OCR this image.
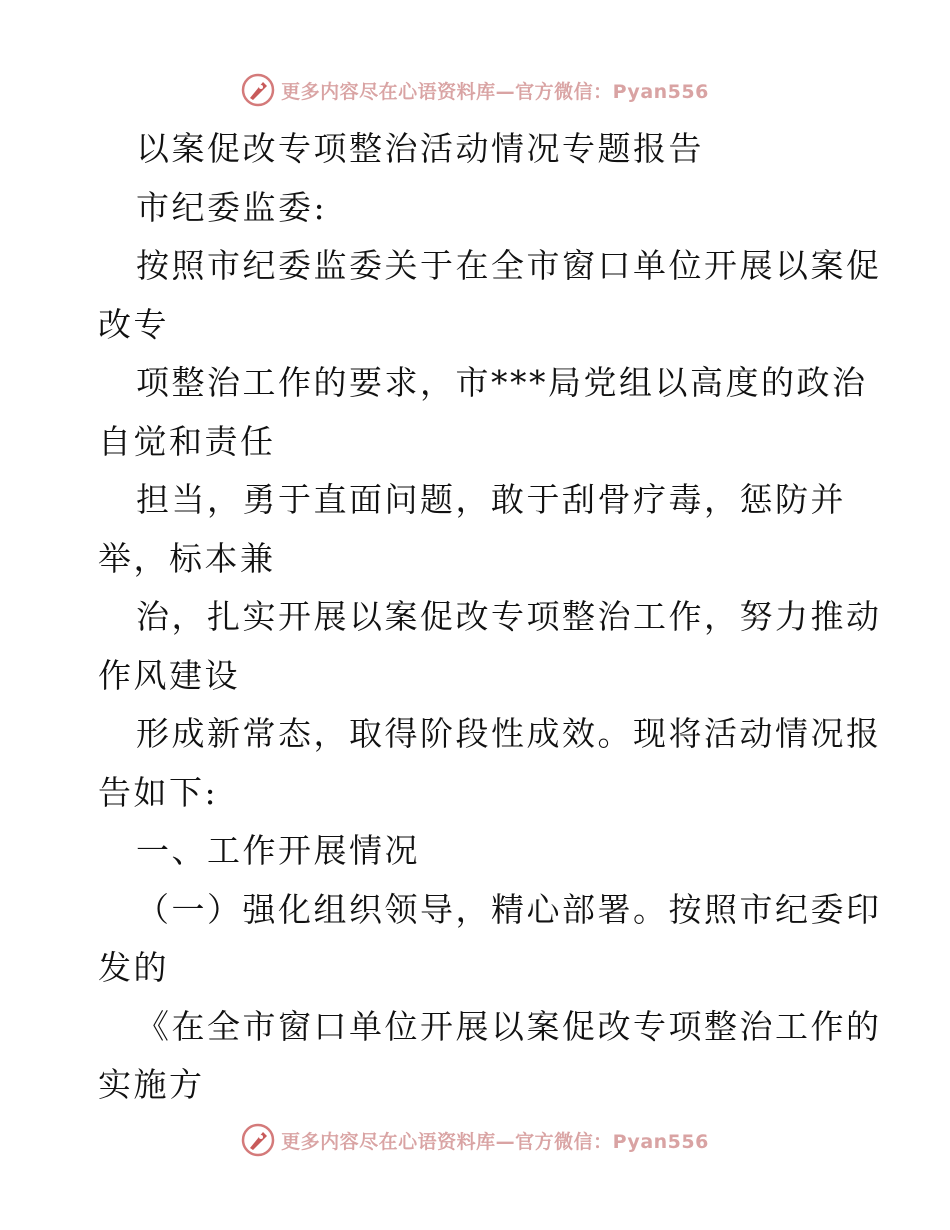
更多内容尽在心语资料库—官方微信：Pyan556
以案促改专项整治活动情况专题报告
市纪委监委:
按照市纪委监委关于在全市窗口单位开展以案促
改专
项整治工作的要求，市***局党组以高度的政治
自觉和责任
担当，勇于直面问题，敢于刮骨疗毒，惩防并
举，标本兼
治，扎实开展以案促改专项整治工作，努力推动
作风建设
形成新常态，取得阶段性成效。现将活动情况报
告如下:
一、工作开展情况
（一）强化组织领导，精心部署。按照市纪委印
发的
《在全市窗口单位开展以案促改专项整治工作的
实施方
更多内容尽在心语资料库—官方微信：Pyan556
